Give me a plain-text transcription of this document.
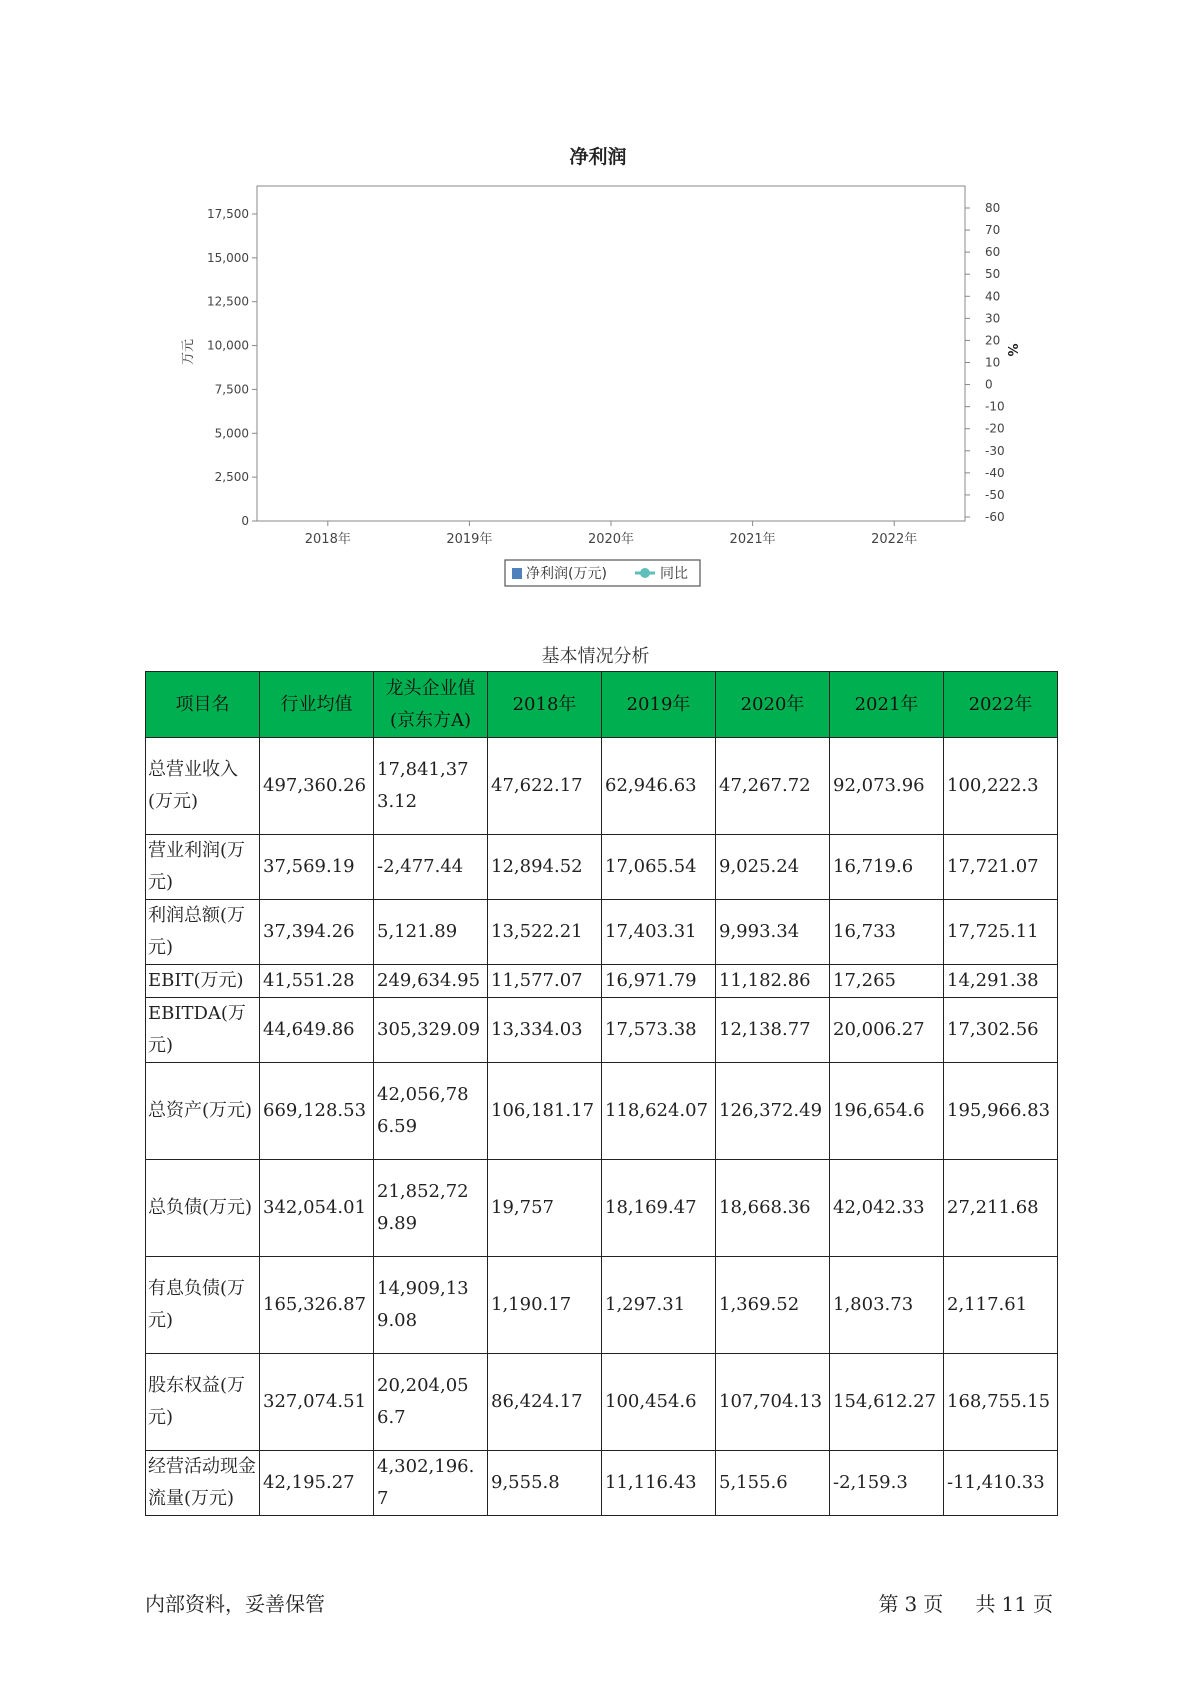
净利润
0
2,500
5,000
7,500
10,000
12,500
15,000
17,500	80
70
60
50
40
30
20
10
0
-10
-20
-30
-40
-50
-60
2018年	2019年	2020年	2021年	2022年
万元	%
净利润(万元)	同比
基本情况分析
项目名	行业均值	龙头企业值(京东方A)	2018年	2019年	2020年	2021年	2022年
总营业收入(万元)	497,360.26	17,841,373.12	47,622.17	62,946.63	47,267.72	92,073.96	100,222.3
营业利润(万元)	37,569.19	-2,477.44	12,894.52	17,065.54	9,025.24	16,719.6	17,721.07
利润总额(万元)	37,394.26	5,121.89	13,522.21	17,403.31	9,993.34	16,733	17,725.11
EBIT(万元)	41,551.28	249,634.95	11,577.07	16,971.79	11,182.86	17,265	14,291.38
EBITDA(万元)	44,649.86	305,329.09	13,334.03	17,573.38	12,138.77	20,006.27	17,302.56
总资产(万元)	669,128.53	42,056,786.59	106,181.17	118,624.07	126,372.49	196,654.6	195,966.83
总负债(万元)	342,054.01	21,852,729.89	19,757	18,169.47	18,668.36	42,042.33	27,211.68
有息负债(万元)	165,326.87	14,909,139.08	1,190.17	1,297.31	1,369.52	1,803.73	2,117.61
股东权益(万元)	327,074.51	20,204,056.7	86,424.17	100,454.6	107,704.13	154,612.27	168,755.15
经营活动现金流量(万元)	42,195.27	4,302,196.7	9,555.8	11,116.43	5,155.6	-2,159.3	-11,410.33
内部资料，妥善保管	第 3 页 共 11 页
